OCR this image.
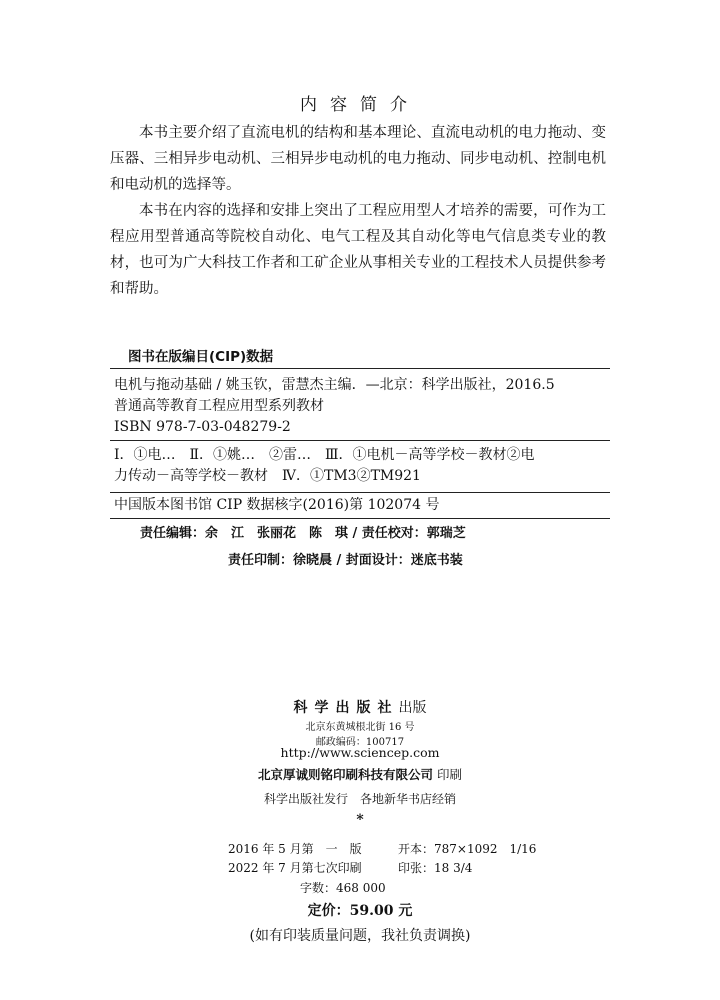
内容简介

本书主要介绍了直流电机的结构和基本理论、直流电动机的电力拖动、变压器、三相异步电动机、三相异步电动机的电力拖动、同步电动机、控制电机和电动机的选择等。

本书在内容的选择和安排上突出了工程应用型人才培养的需要，可作为工程应用型普通高等院校自动化、电气工程及其自动化等电气信息类专业的教材，也可为广大科技工作者和工矿企业从事相关专业的工程技术人员提供参考和帮助。

图书在版编目(CIP)数据
电机与拖动基础 / 姚玉钦，雷慧杰主编．—北京：科学出版社，2016.5
普通高等教育工程应用型系列教材
ISBN 978-7-03-048279-2
Ⅰ．①电…　Ⅱ．①姚…　②雷…　Ⅲ．①电机－高等学校－教材②电
力传动－高等学校－教材　Ⅳ．①TM3②TM921
中国版本图书馆 CIP 数据核字(2016)第 102074 号
责任编辑：余　江　张丽花　陈　琪 / 责任校对：郭瑞芝
责任印制：徐晓晨 / 封面设计：迷底书装
科学出版社出版
北京东黄城根北街 16 号
邮政编码：100717
http://www.sciencep.com
北京厚诚则铭印刷科技有限公司 印刷
科学出版社发行　各地新华书店经销
*
2016 年 5 月第　一　版	开本：787×1092　1/16
2022 年 7 月第七次印刷	印张：18 3/4
字数：468 000
定价：59.00 元
(如有印装质量问题，我社负责调换)
